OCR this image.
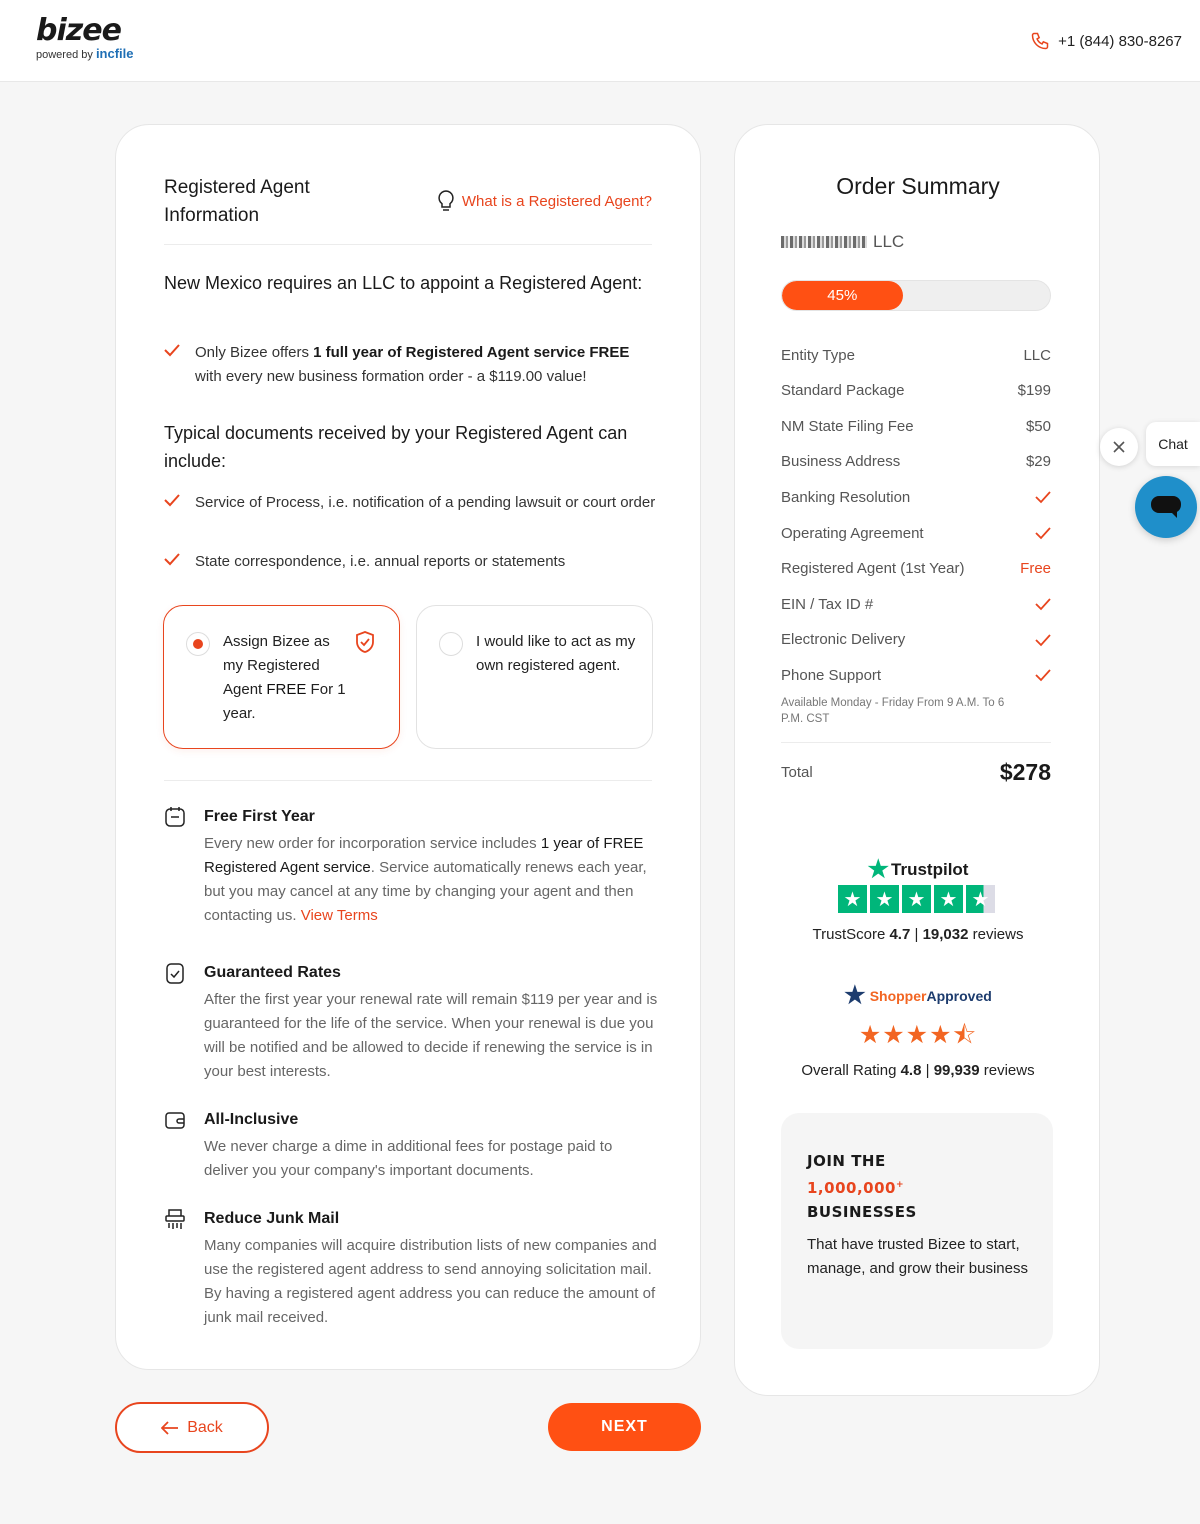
bizee
powered by incfile
+1 (844) 830-8267
Registered Agent Information
What is a Registered Agent?
New Mexico requires an LLC to appoint a Registered Agent:
Only Bizee offers 1 full year of Registered Agent service FREE with every new business formation order - a $119.00 value!
Typical documents received by your Registered Agent can include:
Service of Process, i.e. notification of a pending lawsuit or court order
State correspondence, i.e. annual reports or statements
Assign Bizee as my Registered Agent FREE For 1 year.
I would like to act as my own registered agent.
Free First Year
Every new order for incorporation service includes 1 year of FREE Registered Agent service. Service automatically renews each year, but you may cancel at any time by changing your agent and then contacting us. View Terms
Guaranteed Rates
After the first year your renewal rate will remain $119 per year and is guaranteed for the life of the service. When your renewal is due you will be notified and be allowed to decide if renewing the service is in your best interests.
All-Inclusive
We never charge a dime in additional fees for postage paid to deliver you your company's important documents.
Reduce Junk Mail
Many companies will acquire distribution lists of new companies and use the registered agent address to send annoying solicitation mail. By having a registered agent address you can reduce the amount of junk mail received.
Order Summary
LLC
45%
Entity Type	LLC
Standard Package	$199
NM State Filing Fee	$50
Business Address	$29
Banking Resolution
Operating Agreement
Registered Agent (1st Year)	Free
EIN / Tax ID #
Electronic Delivery
Phone Support
Available Monday - Friday From 9 A.M. To 6 P.M. CST
Total	$278
★ Trustpilot
★ ★ ★ ★ ★
TrustScore 4.7 | 19,032 reviews
★ Shopper Approved
★★★★⯪
Overall Rating 4.8 | 99,939 reviews
JOIN THE
1,000,000+
BUSINESSES
That have trusted Bizee to start, manage, and grow their business
Chat
Back	NEXT
